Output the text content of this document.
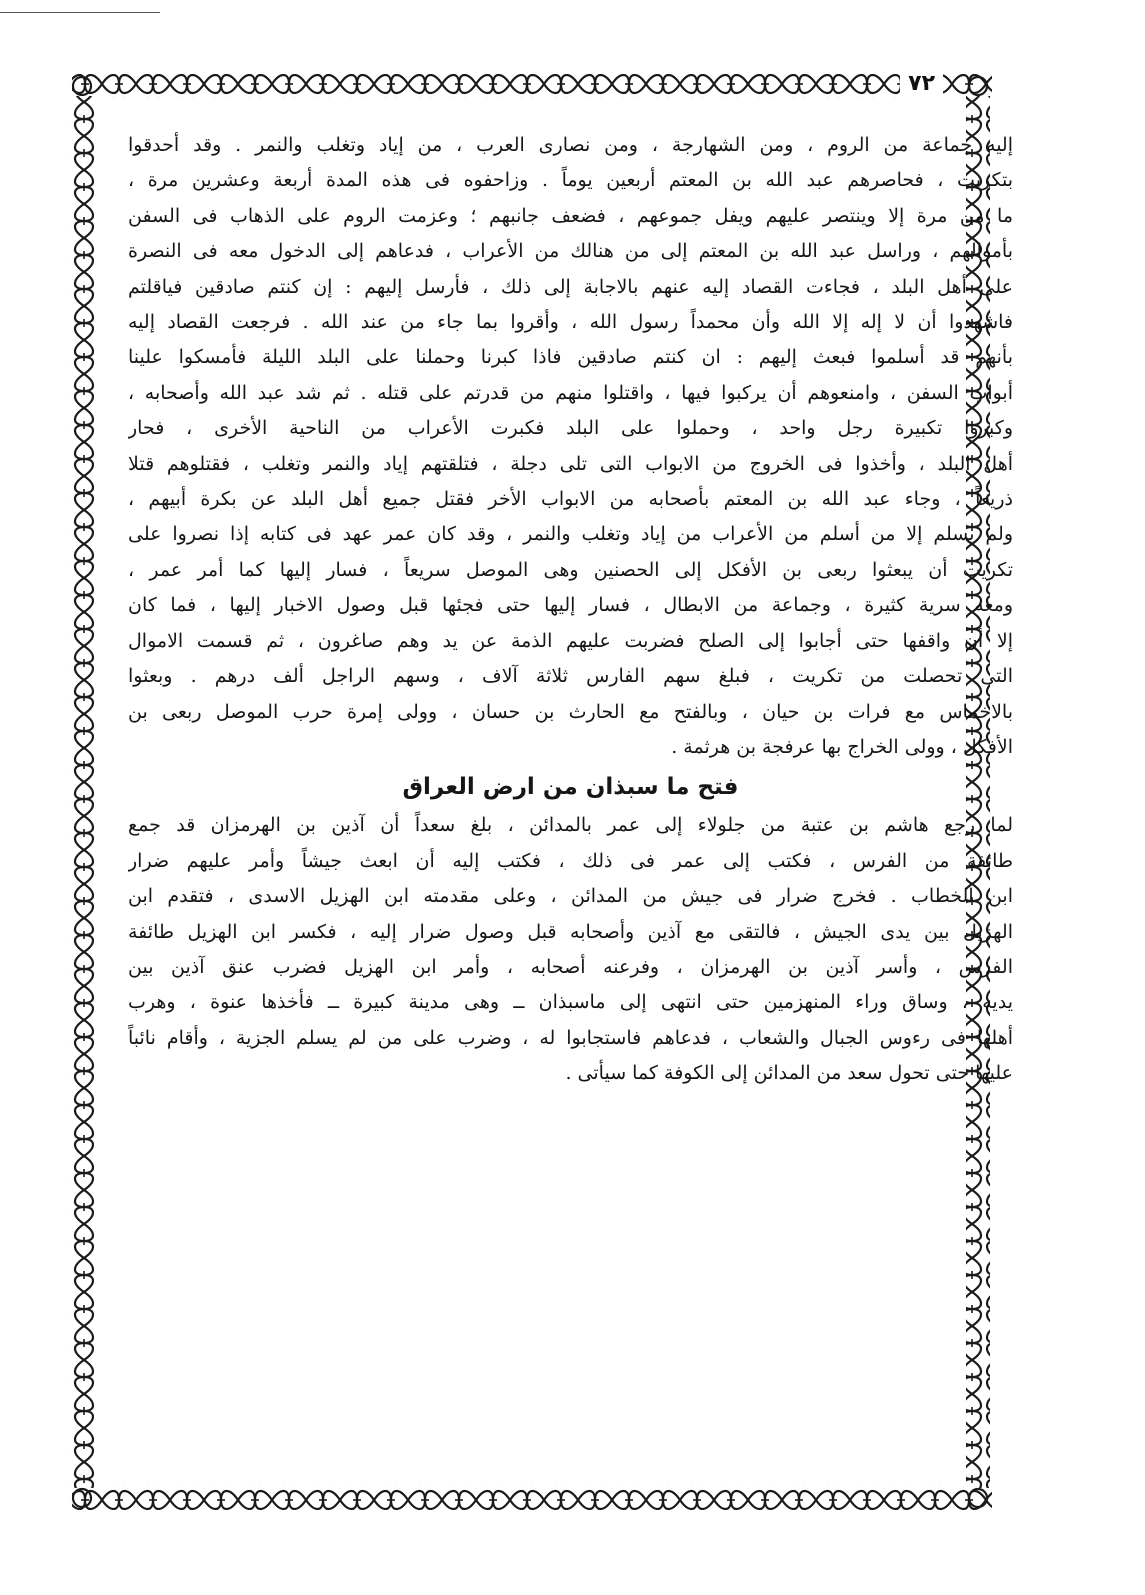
٧٢
إليه جماعة من الروم ، ومن الشهارجة ، ومن نصارى العرب ، من إياد وتغلب والنمر . وقد أحدقوا
بتكريت ، فحاصرهم عبد الله بن المعتم أربعين يوماً . وزاحفوه فى هذه المدة أربعة وعشرين مرة ،
ما من مرة إلا وينتصر عليهم ويفل جموعهم ، فضعف جانبهم ؛ وعزمت الروم على الذهاب فى السفن
بأموالهم ، وراسل عبد الله بن المعتم إلى من هنالك من الأعراب ، فدعاهم إلى الدخول معه فى النصرة
على أهل البلد ، فجاءت القصاد إليه عنهم بالاجابة إلى ذلك ، فأرسل إليهم : إن كنتم صادقين فياقلتم
فاشهدوا أن لا إله إلا الله وأن محمداً رسول الله ، وأقروا بما جاء من عند الله . فرجعت القصاد إليه
بأنهم قد أسلموا فبعث إليهم : ان كنتم صادقين فاذا كبرنا وحملنا على البلد الليلة فأمسكوا علينا
أبواب السفن ، وامنعوهم أن يركبوا فيها ، واقتلوا منهم من قدرتم على قتله . ثم شد عبد الله وأصحابه ،
وكبروا تكبيرة رجل واحد ، وحملوا على البلد فكبرت الأعراب من الناحية الأخرى ، فحار
أهل البلد ، وأخذوا فى الخروج من الابواب التى تلى دجلة ، فتلقتهم إياد والنمر وتغلب ، فقتلوهم قتلا
ذريعاً ، وجاء عبد الله بن المعتم بأصحابه من الابواب الأخر فقتل جميع أهل البلد عن بكرة أبيهم ،
ولم يسلم إلا من أسلم من الأعراب من إياد وتغلب والنمر ، وقد كان عمر عهد فى كتابه إذا نصروا على
تكريت أن يبعثوا ربعى بن الأفكل إلى الحصنين وهى الموصل سريعاً ، فسار إليها كما أمر عمر ،
ومعه سرية كثيرة ، وجماعة من الابطال ، فسار إليها حتى فجئها قبل وصول الاخبار إليها ، فما كان
إلا أن واقفها حتى أجابوا إلى الصلح فضربت عليهم الذمة عن يد وهم صاغرون ، ثم قسمت الاموال
التى تحصلت من تكريت ، فبلغ سهم الفارس ثلاثة آلاف ، وسهم الراجل ألف درهم . وبعثوا
بالاخماس مع فرات بن حيان ، وبالفتح مع الحارث بن حسان ، وولى إمرة حرب الموصل ربعى بن
الأفكل ، وولى الخراج بها عرفجة بن هرثمة .
فتح ما سبذان من ارض العراق
لما رجع هاشم بن عتبة من جلولاء إلى عمر بالمدائن ، بلغ سعداً أن آذين بن الهرمزان قد جمع
طائفة من الفرس ، فكتب إلى عمر فى ذلك ، فكتب إليه أن ابعث جيشاً وأمر عليهم ضرار
ابن الخطاب . فخرج ضرار فى جيش من المدائن ، وعلى مقدمته ابن الهزيل الاسدى ، فتقدم ابن
الهزيل بين يدى الجيش ، فالتقى مع آذين وأصحابه قبل وصول ضرار إليه ، فكسر ابن الهزيل طائفة
الفرس ، وأسر آذين بن الهرمزان ، وفرعنه أصحابه ، وأمر ابن الهزيل فضرب عنق آذين بين
يديه ، وساق وراء المنهزمين حتى انتهى إلى ماسبذان ــ وهى مدينة كبيرة ــ فأخذها عنوة ، وهرب
أهلها فى رءوس الجبال والشعاب ، فدعاهم فاستجابوا له ، وضرب على من لم يسلم الجزية ، وأقام نائباً
عليها حتى تحول سعد من المدائن إلى الكوفة كما سيأتى .
